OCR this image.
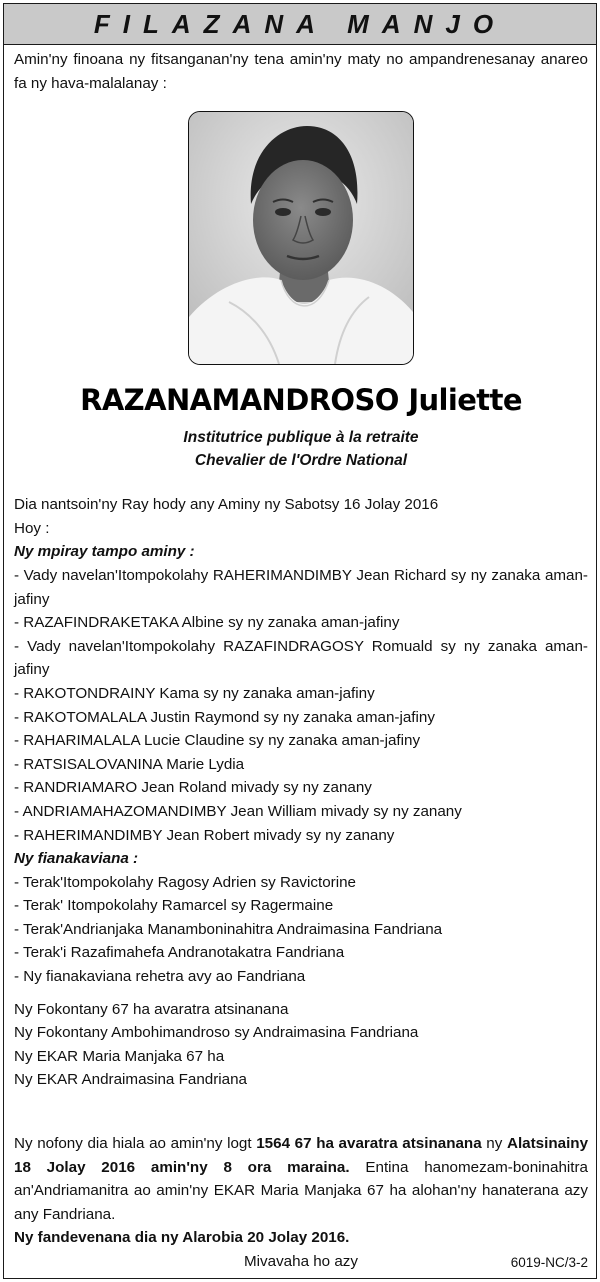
FILAZANA MANJO

Amin'ny finoana ny fitsanganan'ny tena amin'ny maty no ampandrenesanay anareo fa ny hava-malalanay :

RAZANAMANDROSO Juliette

Institutrice publique à la retraite

Chevalier de l'Ordre National

Dia nantsoin'ny Ray hody any Aminy ny Sabotsy 16 Jolay 2016

Hoy :

Ny mpiray tampo aminy :

- Vady navelan'Itompokolahy RAHERIMANDIMBY Jean Richard sy ny zanaka aman-jafiny

- RAZAFINDRAKETAKA Albine sy ny zanaka aman-jafiny

- Vady navelan'Itompokolahy RAZAFINDRAGOSY Romuald sy ny zanaka aman-jafiny

- RAKOTONDRAINY Kama sy ny zanaka aman-jafiny

- RAKOTOMALALA Justin Raymond sy ny zanaka aman-jafiny

- RAHARIMALALA Lucie Claudine sy ny zanaka aman-jafiny

- RATSISALOVANINA Marie Lydia

- RANDRIAMARO Jean Roland mivady sy ny zanany

- ANDRIAMAHAZOMANDIMBY Jean William mivady sy ny zanany

- RAHERIMANDIMBY Jean Robert mivady sy ny zanany

Ny fianakaviana :

- Terak'Itompokolahy Ragosy Adrien sy Ravictorine

- Terak' Itompokolahy Ramarcel sy Ragermaine

- Terak'Andrianjaka Manamboninahitra Andraimasina Fandriana

- Terak'i Razafimahefa Andranotakatra Fandriana

- Ny fianakaviana rehetra avy ao Fandriana

Ny Fokontany 67 ha avaratra atsinanana

Ny Fokontany Ambohimandroso sy Andraimasina Fandriana

Ny EKAR Maria Manjaka 67 ha

Ny EKAR Andraimasina Fandriana

Ny nofony dia hiala ao amin'ny logt 1564 67 ha avaratra atsinanana ny Alatsinainy 18 Jolay 2016 amin'ny 8 ora maraina. Entina hanomezam-boninahitra an'Andriamanitra ao amin'ny EKAR Maria Manjaka 67 ha alohan'ny hanaterana azy any Fandriana.

Ny fandevenana dia ny Alarobia 20 Jolay 2016.

Mivavaha ho azy	6019-NC/3-2
